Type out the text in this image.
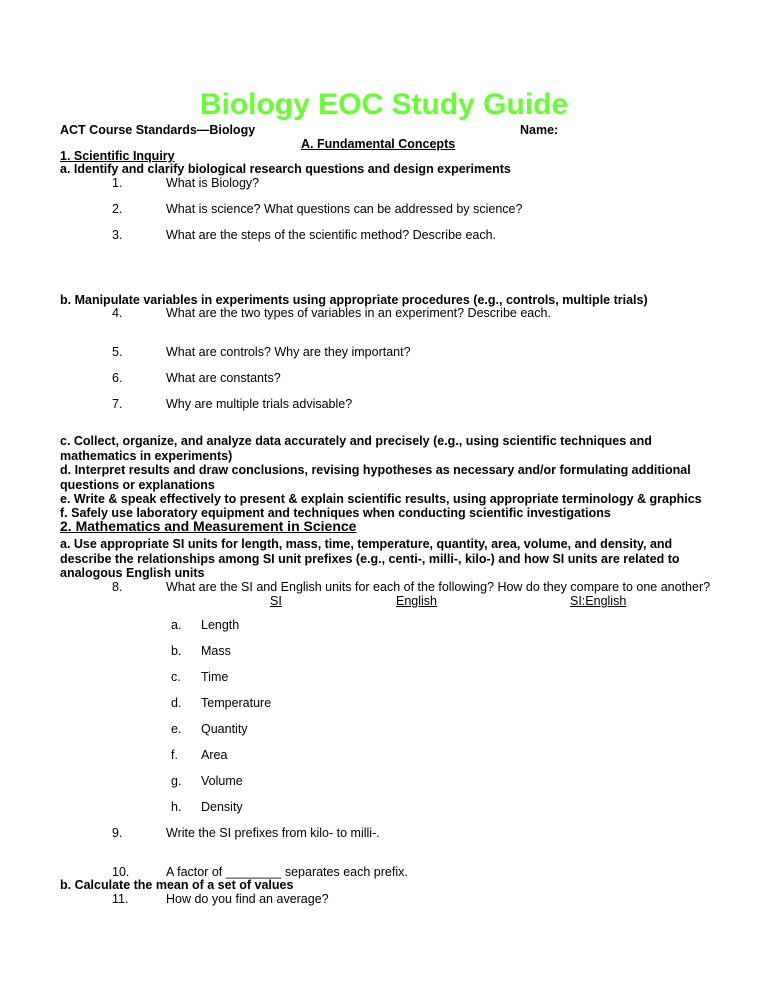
Biology EOC Study Guide
ACT Course Standards—Biology	Name:
A. Fundamental Concepts
1. Scientific Inquiry
a. Identify and clarify biological research questions and design experiments
1.	What is Biology?
2.	What is science? What questions can be addressed by science?
3.	What are the steps of the scientific method? Describe each.
b. Manipulate variables in experiments using appropriate procedures (e.g., controls, multiple trials)
4.	What are the two types of variables in an experiment? Describe each.
5.	What are controls? Why are they important?
6.	What are constants?
7.	Why are multiple trials advisable?
c. Collect, organize, and analyze data accurately and precisely (e.g., using scientific techniques and mathematics in experiments)
d. Interpret results and draw conclusions, revising hypotheses as necessary and/or formulating additional questions or explanations
e. Write & speak effectively to present & explain scientific results, using appropriate terminology & graphics
f. Safely use laboratory equipment and techniques when conducting scientific investigations
2. Mathematics and Measurement in Science
a. Use appropriate SI units for length, mass, time, temperature, quantity, area, volume, and density, and describe the relationships among SI unit prefixes (e.g., centi-, milli-, kilo-) and how SI units are related to analogous English units
8.	What are the SI and English units for each of the following? How do they compare to one another?
SI	English	SI:English
a. Length
b. Mass
c. Time
d. Temperature
e. Quantity
f. Area
g. Volume
h. Density
9.	Write the SI prefixes from kilo- to milli-.
10.	A factor of ________ separates each prefix.
b. Calculate the mean of a set of values
11.	How do you find an average?
